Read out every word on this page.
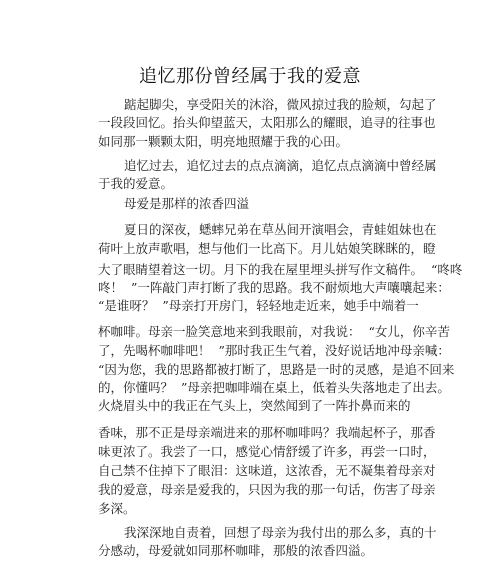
追忆那份曾经属于我的爱意
踮起脚尖，享受阳关的沐浴，微风掠过我的脸颊，勾起了
一段段回忆。抬头仰望蓝天，太阳那么的耀眼，追寻的往事也
如同那一颗颗太阳，明亮地照耀于我的心田。
追忆过去，追忆过去的点点滴滴，追忆点点滴滴中曾经属
于我的爱意。
母爱是那样的浓香四溢
夏日的深夜，蟋蟀兄弟在草丛间开演唱会，青蛙姐妹也在
荷叶上放声歌唱，想与他们一比高下。月儿姑娘笑眯眯的，瞪
大了眼睛望着这一切。月下的我在屋里埋头拼写作文稿件。  “咚咚
咚！  ”一阵敲门声打断了我的思路。我不耐烦地大声嚷嚷起来：
“是谁呀？  ”母亲打开房门，轻轻地走近来，她手中端着一
杯咖啡。母亲一脸笑意地来到我眼前，对我说：  “女儿，你辛苦
了，先喝杯咖啡吧！  ”那时我正生气着，没好说话地冲母亲喊：
“因为您，我的思路都被打断了，思路是一时的灵感，是追不回来
的，你懂吗？  ”母亲把咖啡端在桌上，低着头失落地走了出去。
火烧眉头中的我正在气头上，突然闻到了一阵扑鼻而来的
香味，那不正是母亲端进来的那杯咖啡吗？我端起杯子，那香
味更浓了。我尝了一口，感觉心情舒缓了许多，再尝一口时，
自己禁不住掉下了眼泪：这味道，这浓香，无不凝集着母亲对
我的爱意，母亲是爱我的，只因为我的那一句话，伤害了母亲
多深。
我深深地自责着，回想了母亲为我付出的那么多，真的十
分感动，母爱就如同那杯咖啡，那般的浓香四溢。
